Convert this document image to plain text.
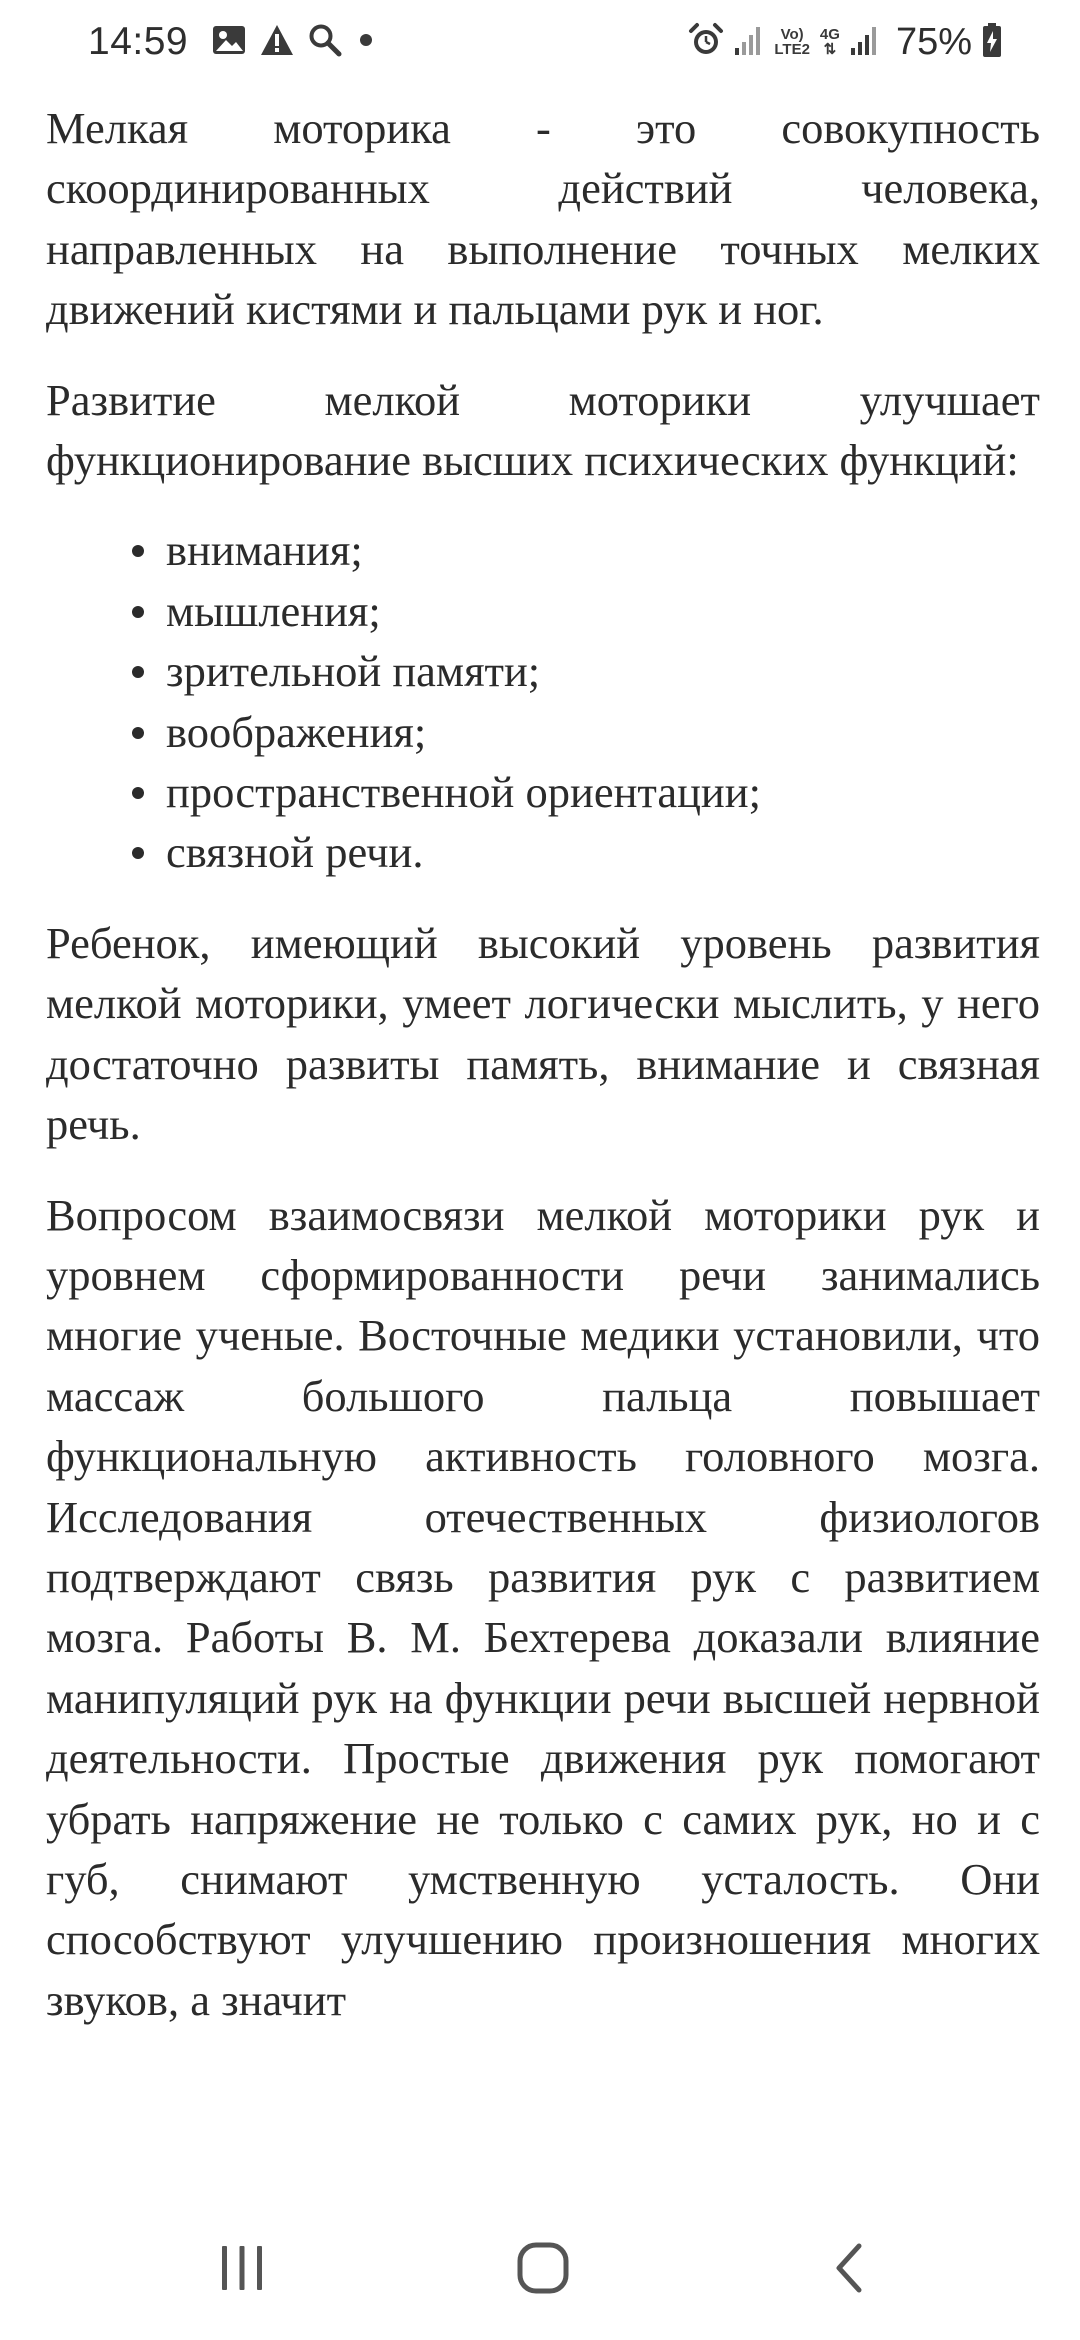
14:59	Vo)
LTE2
4G
⇅ 75%

Мелкая моторика - это совокупность скоординированных действий человека, направленных на выполнение точных мелких движений кистями и пальцами рук и ног.

Развитие мелкой моторики улучшает функционирование высших психических функций:

внимания;
мышления;
зрительной памяти;
воображения;
пространственной ориентации;
связной речи.

Ребенок, имеющий высокий уровень развития мелкой моторики, умеет логически мыслить, у него достаточно развиты память, внимание и связная речь.

Вопросом взаимосвязи мелкой моторики рук и уровнем сформированности речи занимались многие ученые. Восточные медики установили, что массаж большого пальца повышает функциональную активность головного мозга. Исследования отечественных физиологов подтверждают связь развития рук с развитием мозга. Работы В. М. Бехтерева доказали влияние манипуляций рук на функции речи высшей нервной деятельности. Простые движения рук помогают убрать напряжение не только с самих рук, но и с губ, снимают умственную усталость. Они способствуют улучшению произношения многих звуков, а значит
